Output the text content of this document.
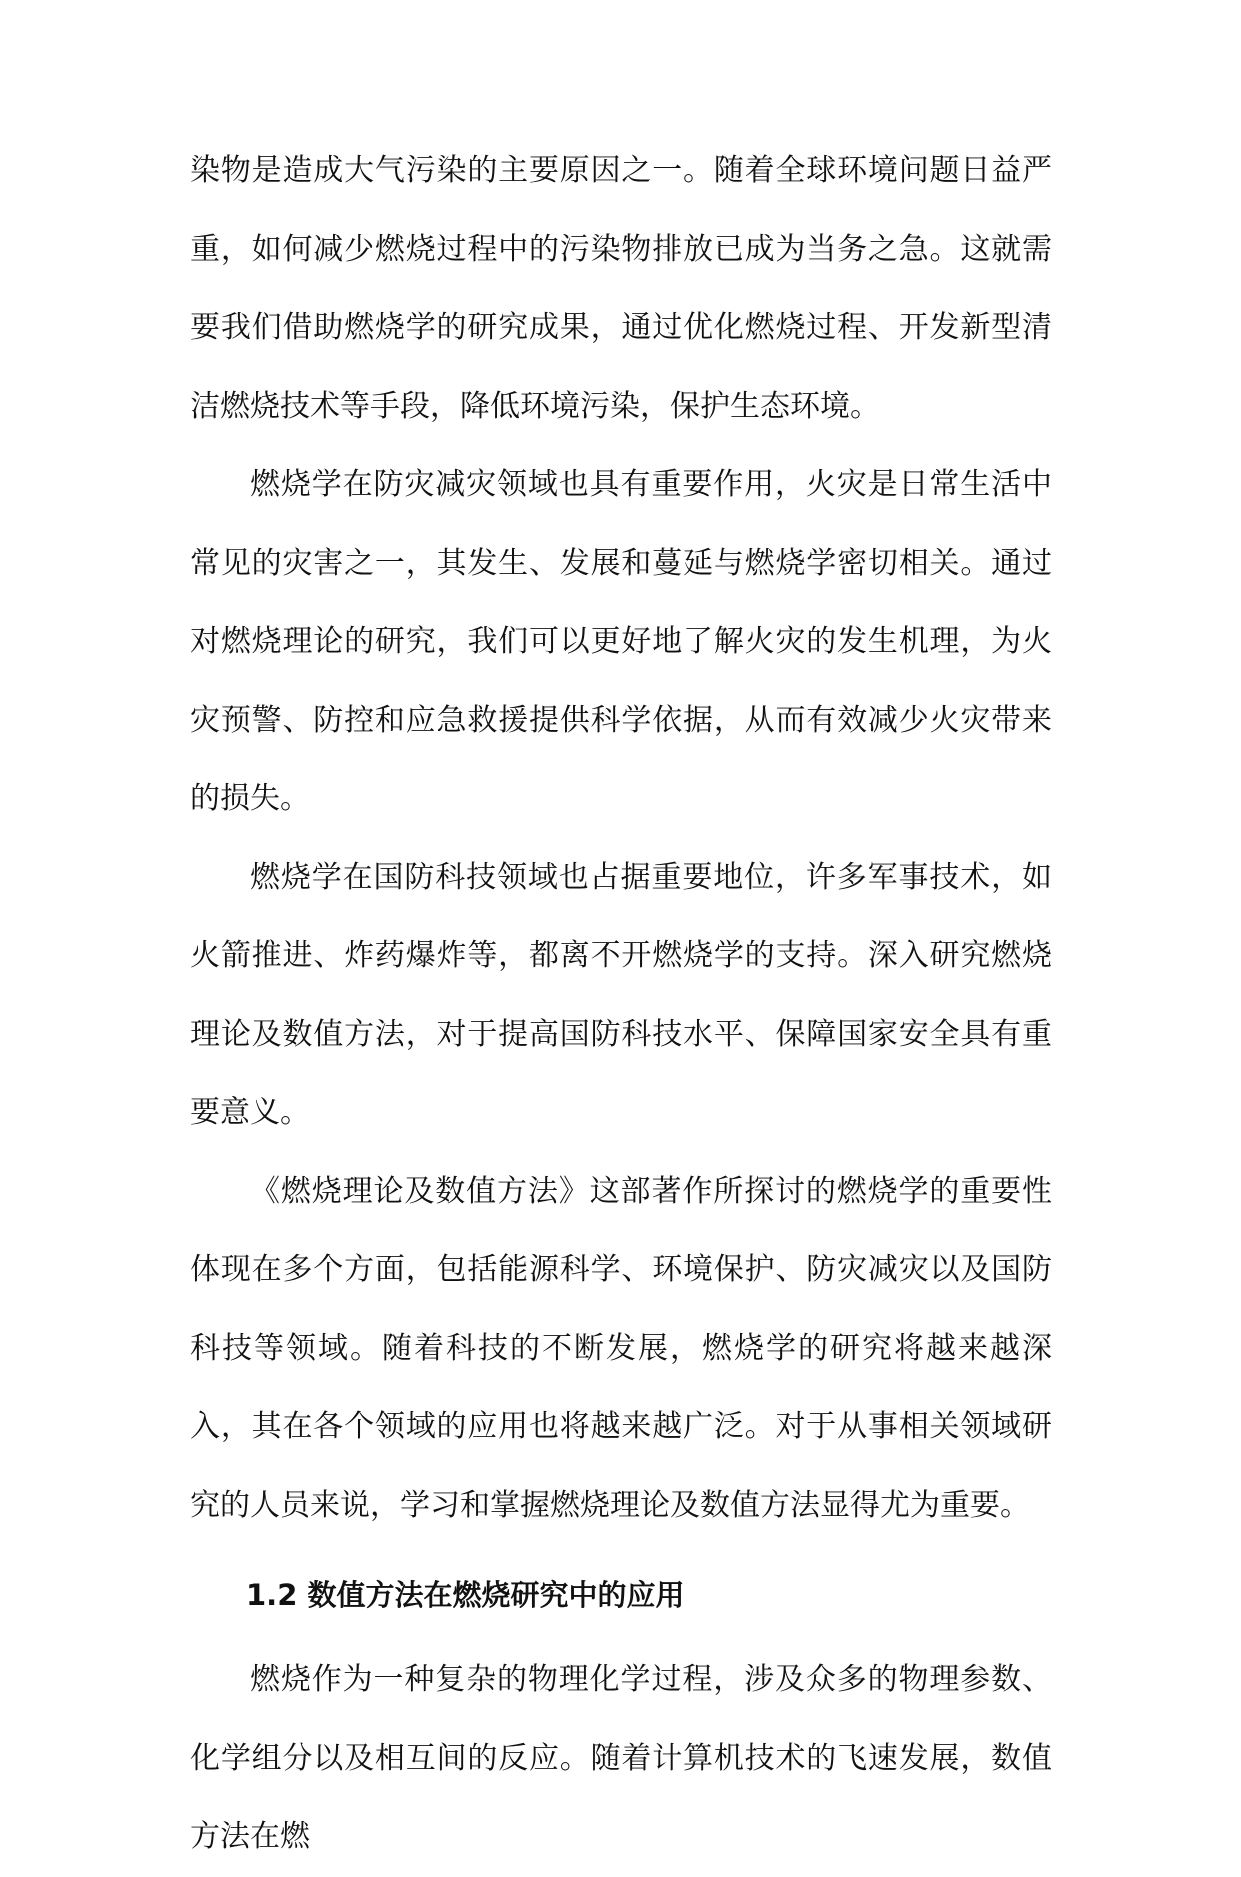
染物是造成大气污染的主要原因之一。随着全球环境问题日益严重，如何减少燃烧过程中的污染物排放已成为当务之急。这就需要我们借助燃烧学的研究成果，通过优化燃烧过程、开发新型清洁燃烧技术等手段，降低环境污染，保护生态环境。

燃烧学在防灾减灾领域也具有重要作用，火灾是日常生活中常见的灾害之一，其发生、发展和蔓延与燃烧学密切相关。通过对燃烧理论的研究，我们可以更好地了解火灾的发生机理，为火灾预警、防控和应急救援提供科学依据，从而有效减少火灾带来的损失。

燃烧学在国防科技领域也占据重要地位，许多军事技术，如火箭推进、炸药爆炸等，都离不开燃烧学的支持。深入研究燃烧理论及数值方法，对于提高国防科技水平、保障国家安全具有重要意义。

《燃烧理论及数值方法》这部著作所探讨的燃烧学的重要性体现在多个方面，包括能源科学、环境保护、防灾减灾以及国防科技等领域。随着科技的不断发展，燃烧学的研究将越来越深入，其在各个领域的应用也将越来越广泛。对于从事相关领域研究的人员来说，学习和掌握燃烧理论及数值方法显得尤为重要。

1.2 数值方法在燃烧研究中的应用

燃烧作为一种复杂的物理化学过程，涉及众多的物理参数、化学组分以及相互间的反应。随着计算机技术的飞速发展，数值方法在燃
